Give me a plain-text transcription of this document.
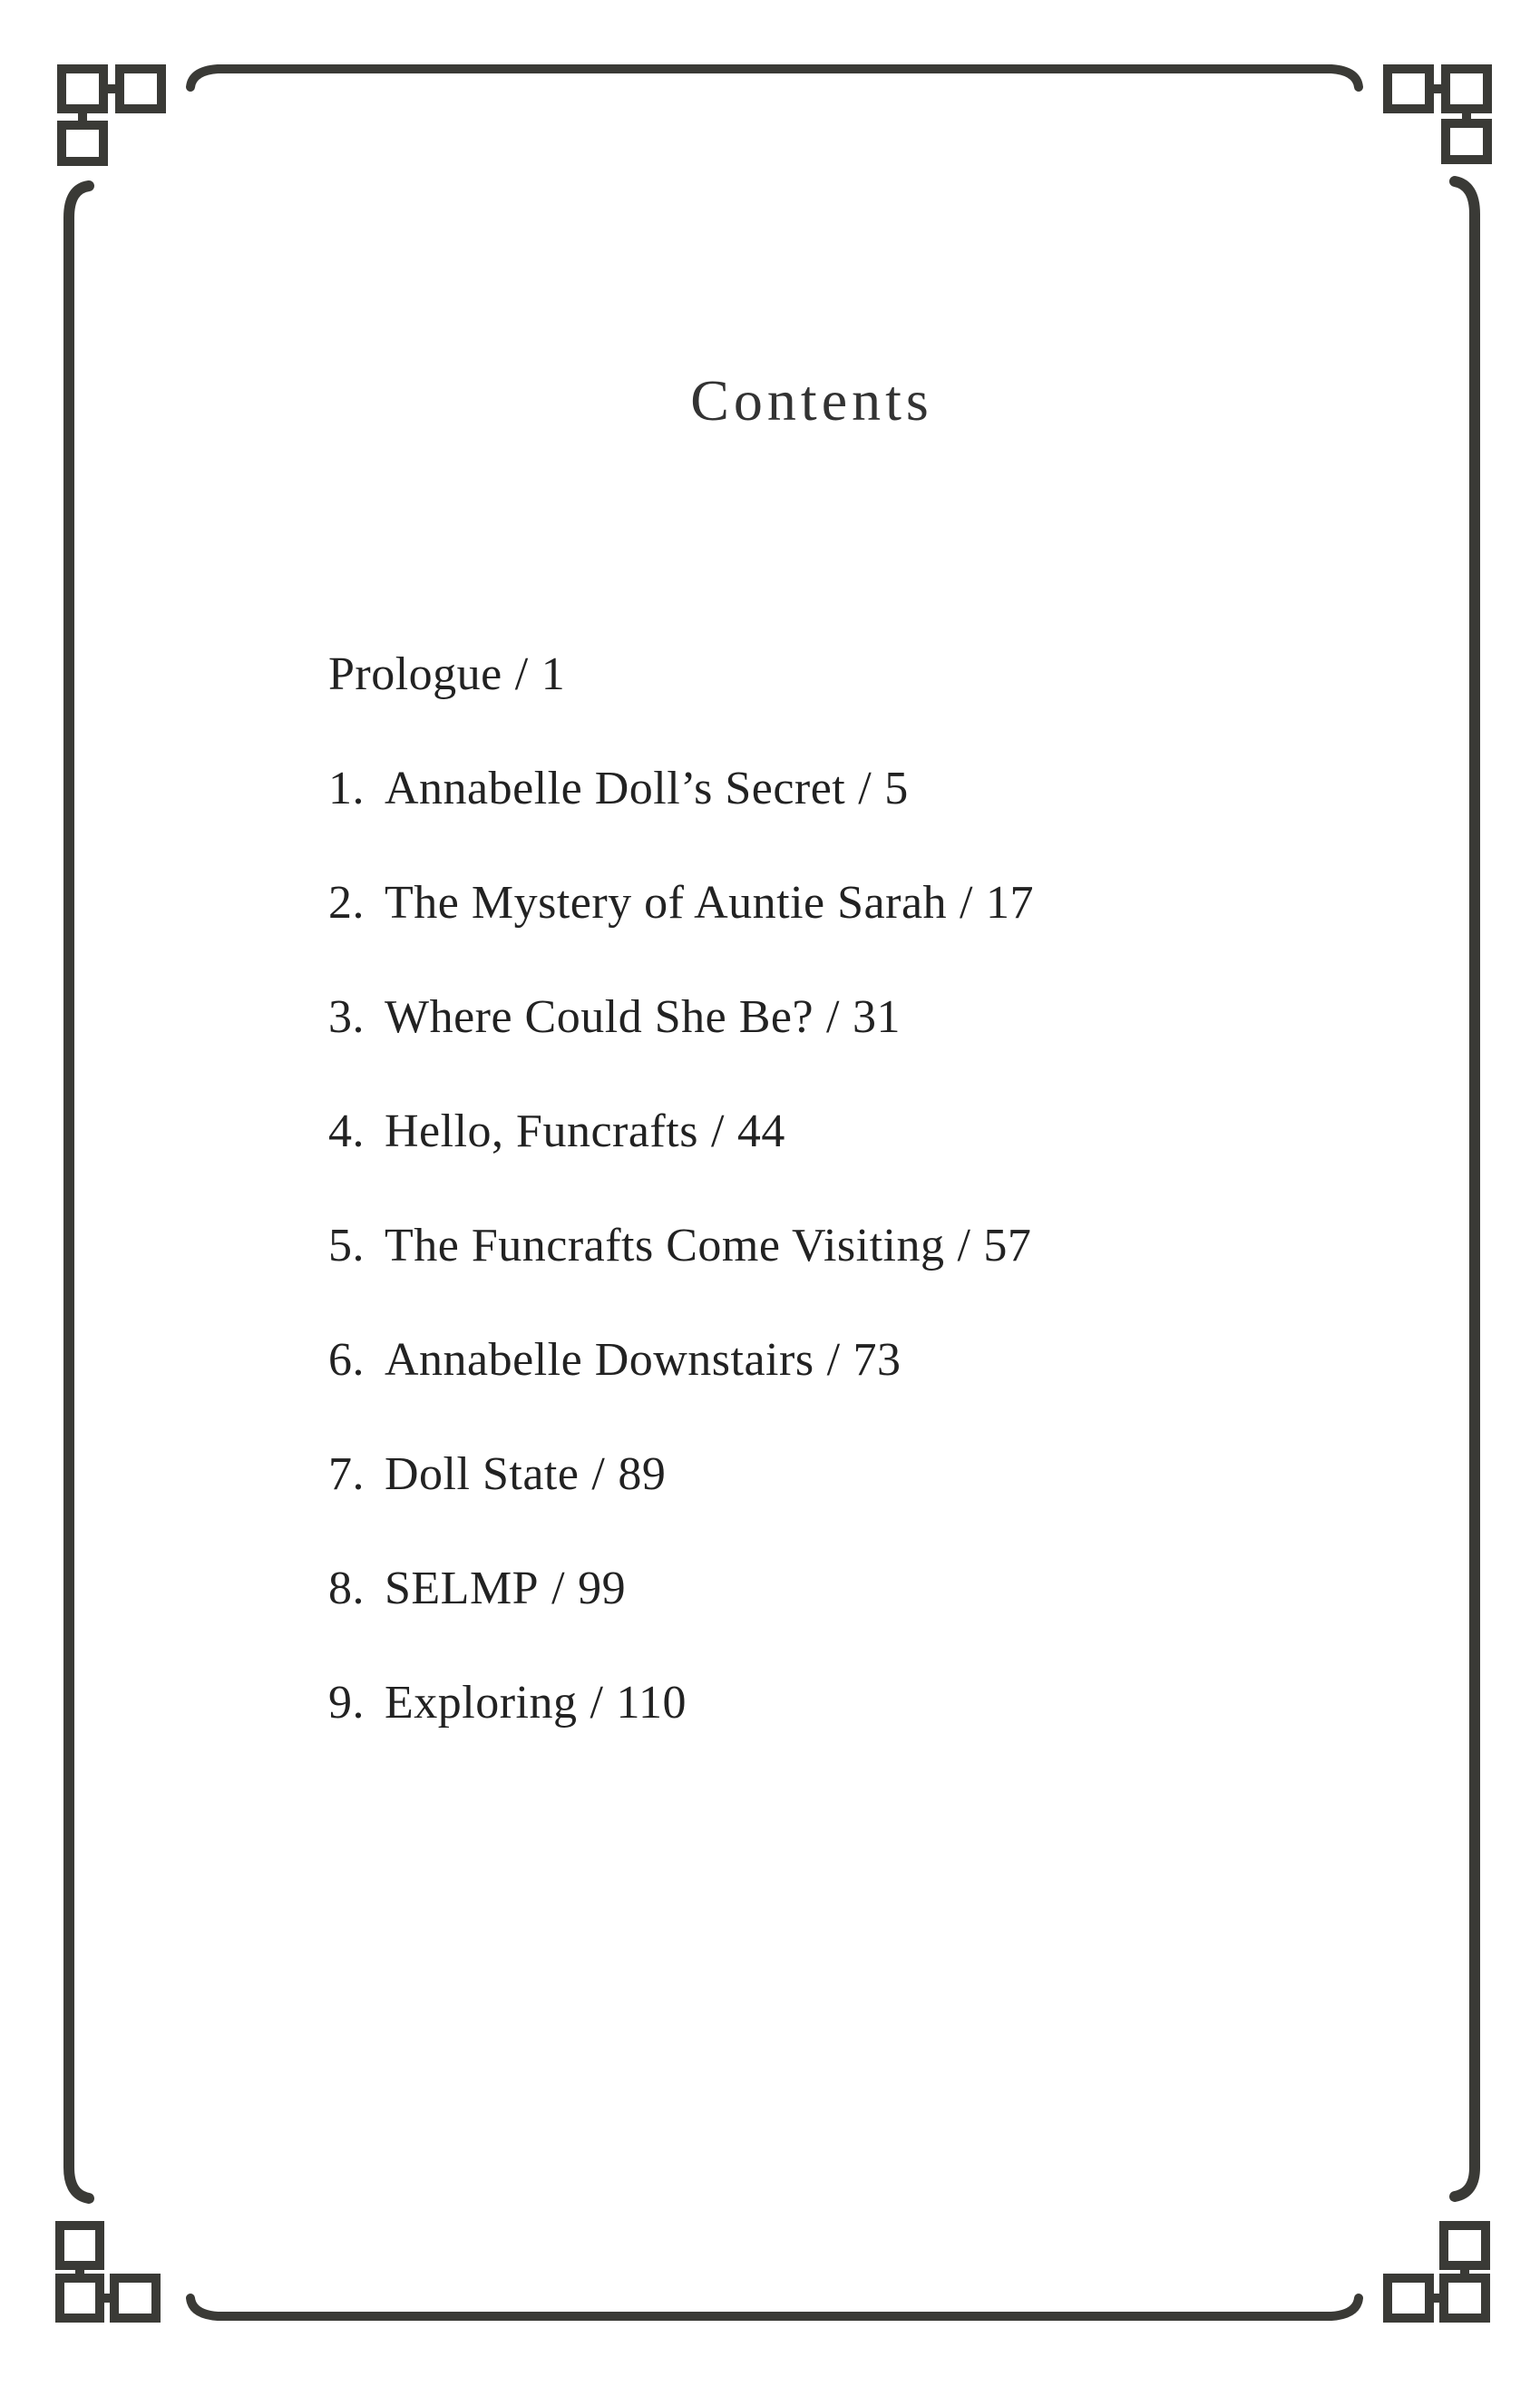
Contents
Prologue / 1
1. Annabelle Doll’s Secret / 5
2. The Mystery of Auntie Sarah / 17
3. Where Could She Be? / 31
4. Hello, Funcrafts / 44
5. The Funcrafts Come Visiting / 57
6. Annabelle Downstairs / 73
7. Doll State / 89
8. SELMP / 99
9. Exploring / 110
